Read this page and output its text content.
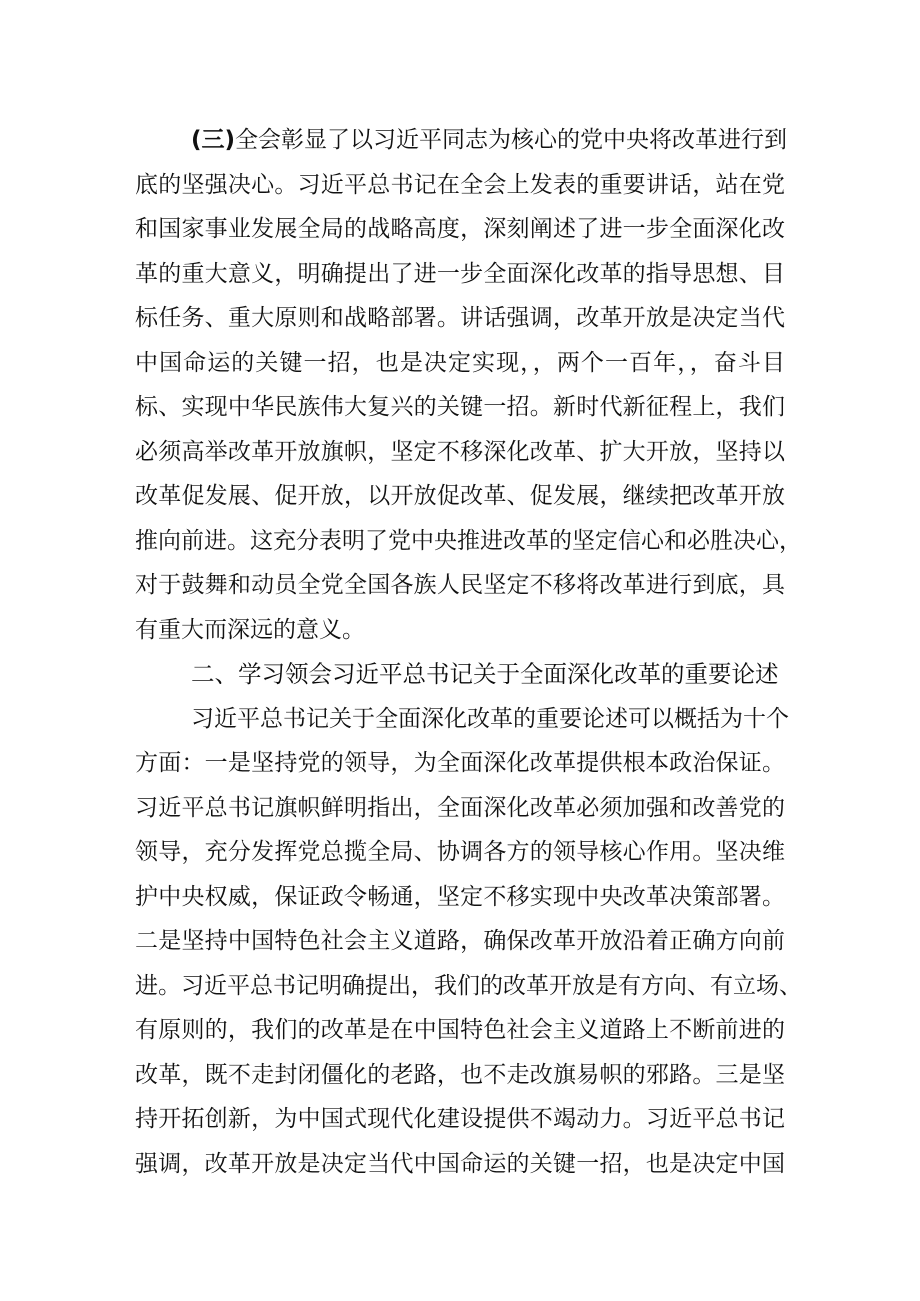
(三)全会彰显了以习近平同志为核心的党中央将改革进行到
底的坚强决心。习近平总书记在全会上发表的重要讲话，站在党
和国家事业发展全局的战略高度，深刻阐述了进一步全面深化改
革的重大意义，明确提出了进一步全面深化改革的指导思想、目
标任务、重大原则和战略部署。讲话强调，改革开放是决定当代
中国命运的关键一招，也是决定实现，，两个一百年，，奋斗目
标、实现中华民族伟大复兴的关键一招。新时代新征程上，我们
必须高举改革开放旗帜，坚定不移深化改革、扩大开放，坚持以
改革促发展、促开放，以开放促改革、促发展，继续把改革开放
推向前进。这充分表明了党中央推进改革的坚定信心和必胜决心，
对于鼓舞和动员全党全国各族人民坚定不移将改革进行到底，具
有重大而深远的意义。
二、学习领会习近平总书记关于全面深化改革的重要论述
习近平总书记关于全面深化改革的重要论述可以概括为十个
方面：一是坚持党的领导，为全面深化改革提供根本政治保证。
习近平总书记旗帜鲜明指出，全面深化改革必须加强和改善党的
领导，充分发挥党总揽全局、协调各方的领导核心作用。坚决维
护中央权威，保证政令畅通，坚定不移实现中央改革决策部署。
二是坚持中国特色社会主义道路，确保改革开放沿着正确方向前
进。习近平总书记明确提出，我们的改革开放是有方向、有立场、
有原则的，我们的改革是在中国特色社会主义道路上不断前进的
改革，既不走封闭僵化的老路，也不走改旗易帜的邪路。三是坚
持开拓创新，为中国式现代化建设提供不竭动力。习近平总书记
强调，改革开放是决定当代中国命运的关键一招，也是决定中国
